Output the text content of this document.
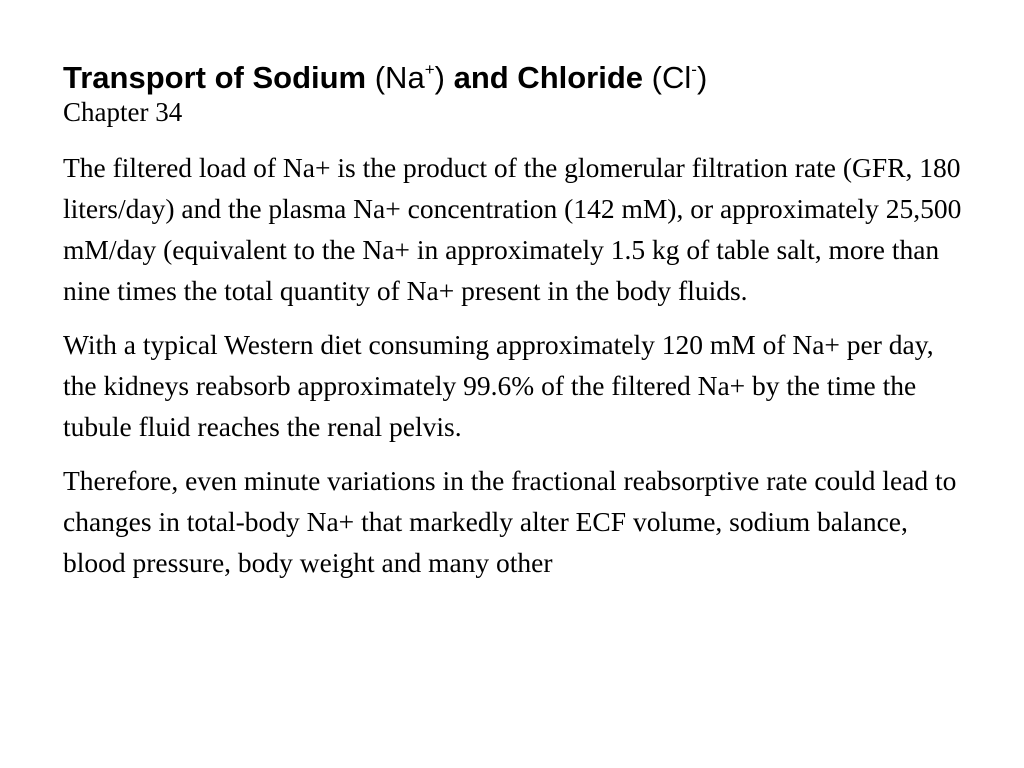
Transport of Sodium (Na+) and Chloride (Cl-)

Chapter 34

The filtered load of Na+ is the product of the glomerular filtration rate (GFR, 180 liters/day) and the plasma Na+ concentration (142 mM), or approximately 25,500 mM/day (equivalent to the Na+ in approximately 1.5 kg of table salt, more than nine times the total quantity of Na+ present in the body fluids.

With a typical Western diet consuming approximately 120 mM of Na+ per day, the kidneys reabsorb approximately 99.6% of the filtered Na+ by the time the tubule fluid reaches the renal pelvis.

Therefore, even minute variations in the fractional reabsorptive rate could lead to changes in total-body Na+ that markedly alter ECF volume, sodium balance, blood pressure, body weight and many other
